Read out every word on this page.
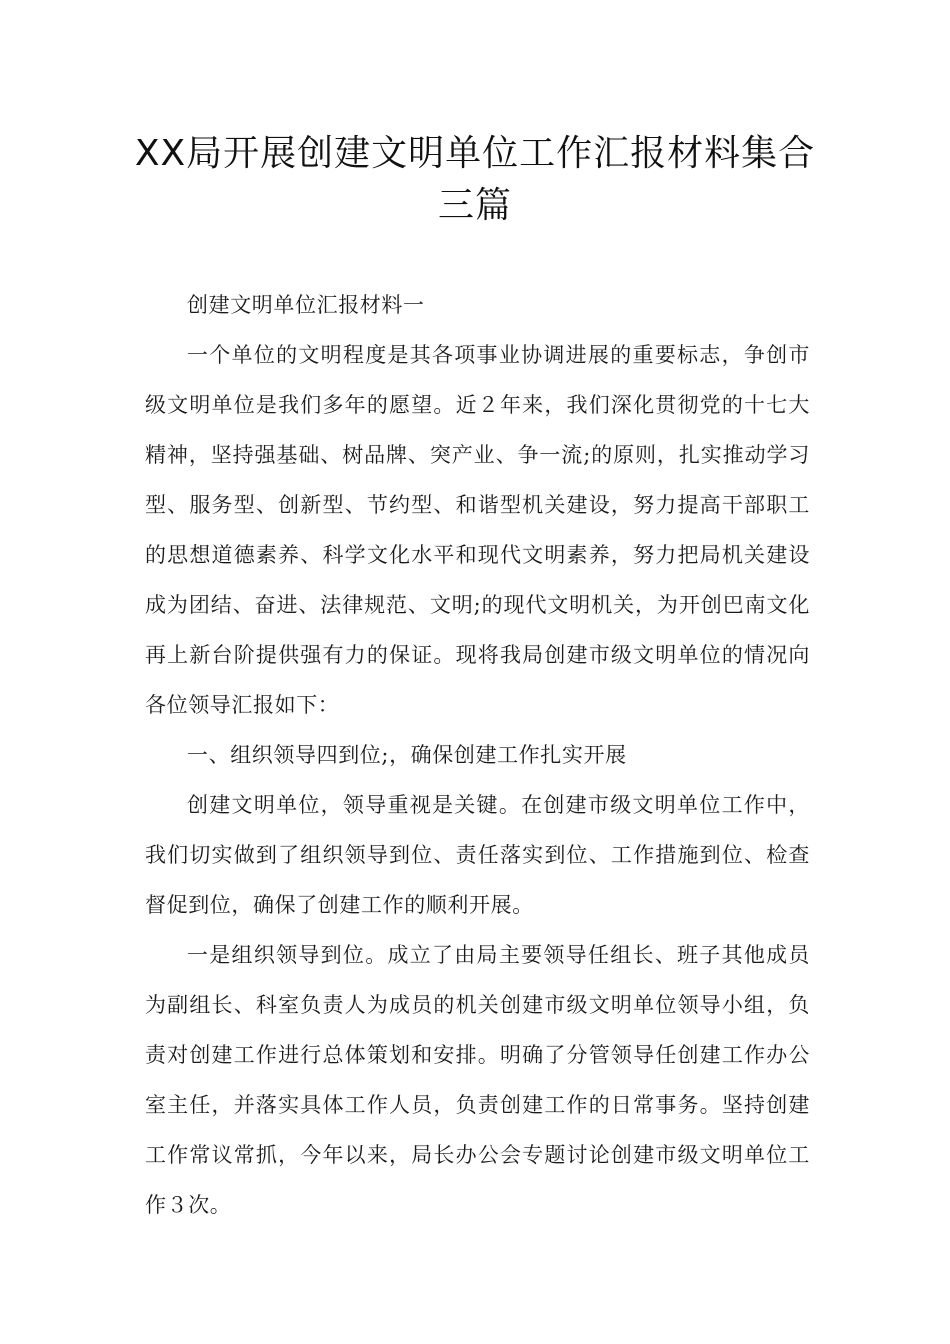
XX局开展创建文明单位工作汇报材料集合三篇

创建文明单位汇报材料一

一个单位的文明程度是其各项事业协调进展的重要标志，争创市级文明单位是我们多年的愿望。近２年来，我们深化贯彻党的十七大精神，坚持强基础、树品牌、突产业、争一流;的原则，扎实推动学习型、服务型、创新型、节约型、和谐型机关建设，努力提高干部职工的思想道德素养、科学文化水平和现代文明素养，努力把局机关建设成为团结、奋进、法律规范、文明;的现代文明机关，为开创巴南文化再上新台阶提供强有力的保证。现将我局创建市级文明单位的情况向各位领导汇报如下：

一、组织领导四到位;，确保创建工作扎实开展

创建文明单位，领导重视是关键。在创建市级文明单位工作中，我们切实做到了组织领导到位、责任落实到位、工作措施到位、检查督促到位，确保了创建工作的顺利开展。

一是组织领导到位。成立了由局主要领导任组长、班子其他成员为副组长、科室负责人为成员的机关创建市级文明单位领导小组，负责对创建工作进行总体策划和安排。明确了分管领导任创建工作办公室主任，并落实具体工作人员，负责创建工作的日常事务。坚持创建工作常议常抓，今年以来，局长办公会专题讨论创建市级文明单位工作３次。
